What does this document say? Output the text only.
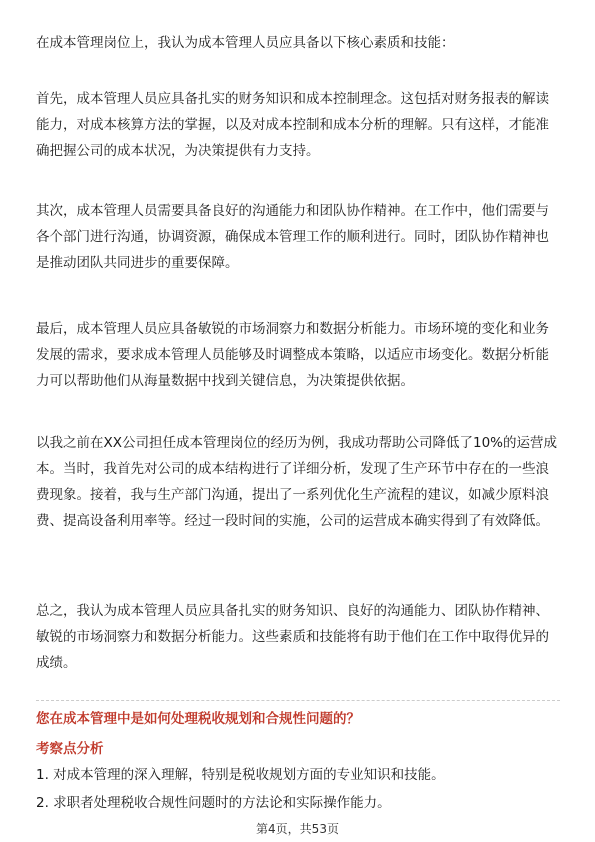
在成本管理岗位上，我认为成本管理人员应具备以下核心素质和技能：

首先，成本管理人员应具备扎实的财务知识和成本控制理念。这包括对财务报表的解读能力，对成本核算方法的掌握，以及对成本控制和成本分析的理解。只有这样，才能准确把握公司的成本状况，为决策提供有力支持。

其次，成本管理人员需要具备良好的沟通能力和团队协作精神。在工作中，他们需要与各个部门进行沟通，协调资源，确保成本管理工作的顺利进行。同时，团队协作精神也是推动团队共同进步的重要保障。

最后，成本管理人员应具备敏锐的市场洞察力和数据分析能力。市场环境的变化和业务发展的需求，要求成本管理人员能够及时调整成本策略，以适应市场变化。数据分析能力可以帮助他们从海量数据中找到关键信息，为决策提供依据。

以我之前在XX公司担任成本管理岗位的经历为例，我成功帮助公司降低了10%的运营成本。当时，我首先对公司的成本结构进行了详细分析，发现了生产环节中存在的一些浪费现象。接着，我与生产部门沟通，提出了一系列优化生产流程的建议，如减少原料浪费、提高设备利用率等。经过一段时间的实施，公司的运营成本确实得到了有效降低。

总之，我认为成本管理人员应具备扎实的财务知识、良好的沟通能力、团队协作精神、敏锐的市场洞察力和数据分析能力。这些素质和技能将有助于他们在工作中取得优异的成绩。

您在成本管理中是如何处理税收规划和合规性问题的？

考察点分析

1. 对成本管理的深入理解，特别是税收规划方面的专业知识和技能。

2. 求职者处理税收合规性问题时的方法论和实际操作能力。

第4页，共53页
